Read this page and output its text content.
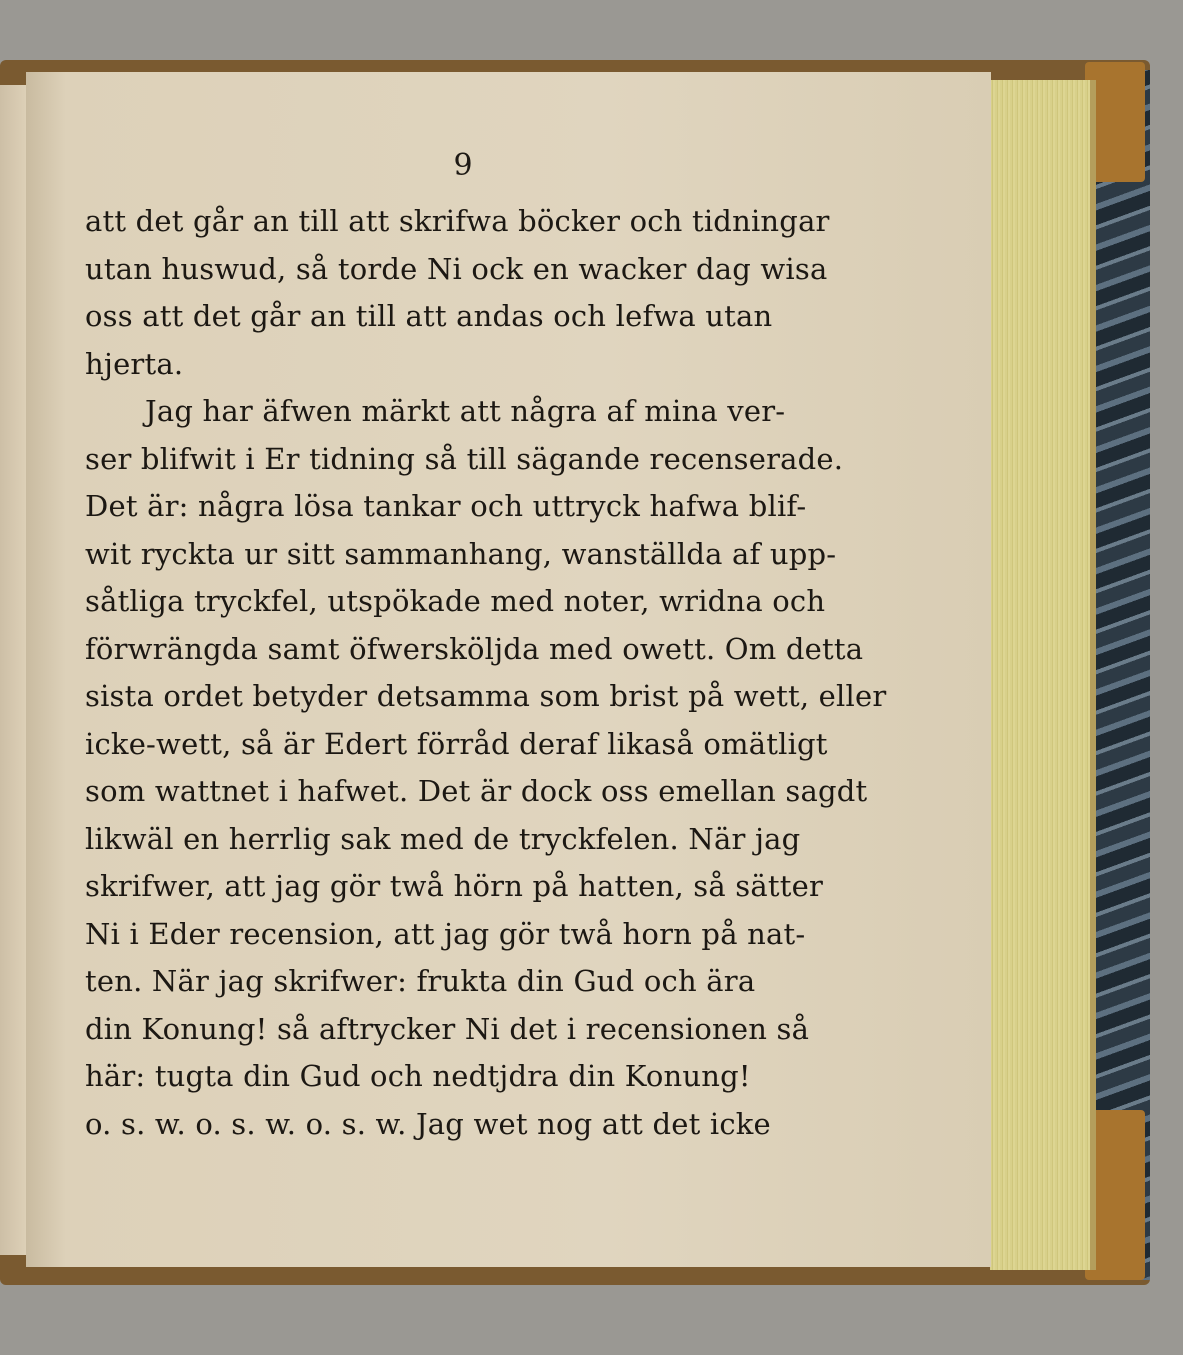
9
att det går an till att skrifwa böcker och tidningar
utan huswud, så torde Ni ock en wacker dag wisa
oss att det går an till att andas och lefwa utan
hjerta.
Jag har äfwen märkt att några af mina ver-
ser blifwit i Er tidning så till sägande recenserade.
Det är: några lösa tankar och uttryck hafwa blif-
wit ryckta ur sitt sammanhang, wanställda af upp-
såtliga tryckfel, utspökade med noter, wridna och
förwrängda samt öfwersköljda med owett. Om detta
sista ordet betyder detsamma som brist på wett, eller
icke-wett, så är Edert förråd deraf likaså omätligt
som wattnet i hafwet. Det är dock oss emellan sagdt
likwäl en herrlig sak med de tryckfelen. När jag
skrifwer, att jag gör twå hörn på hatten, så sätter
Ni i Eder recension, att jag gör twå horn på nat-
ten. När jag skrifwer: frukta din Gud och ära
din Konung! så aftrycker Ni det i recensionen så
här: tugta din Gud och nedtjdra din Konung!
o. s. w. o. s. w. o. s. w. Jag wet nog att det icke
